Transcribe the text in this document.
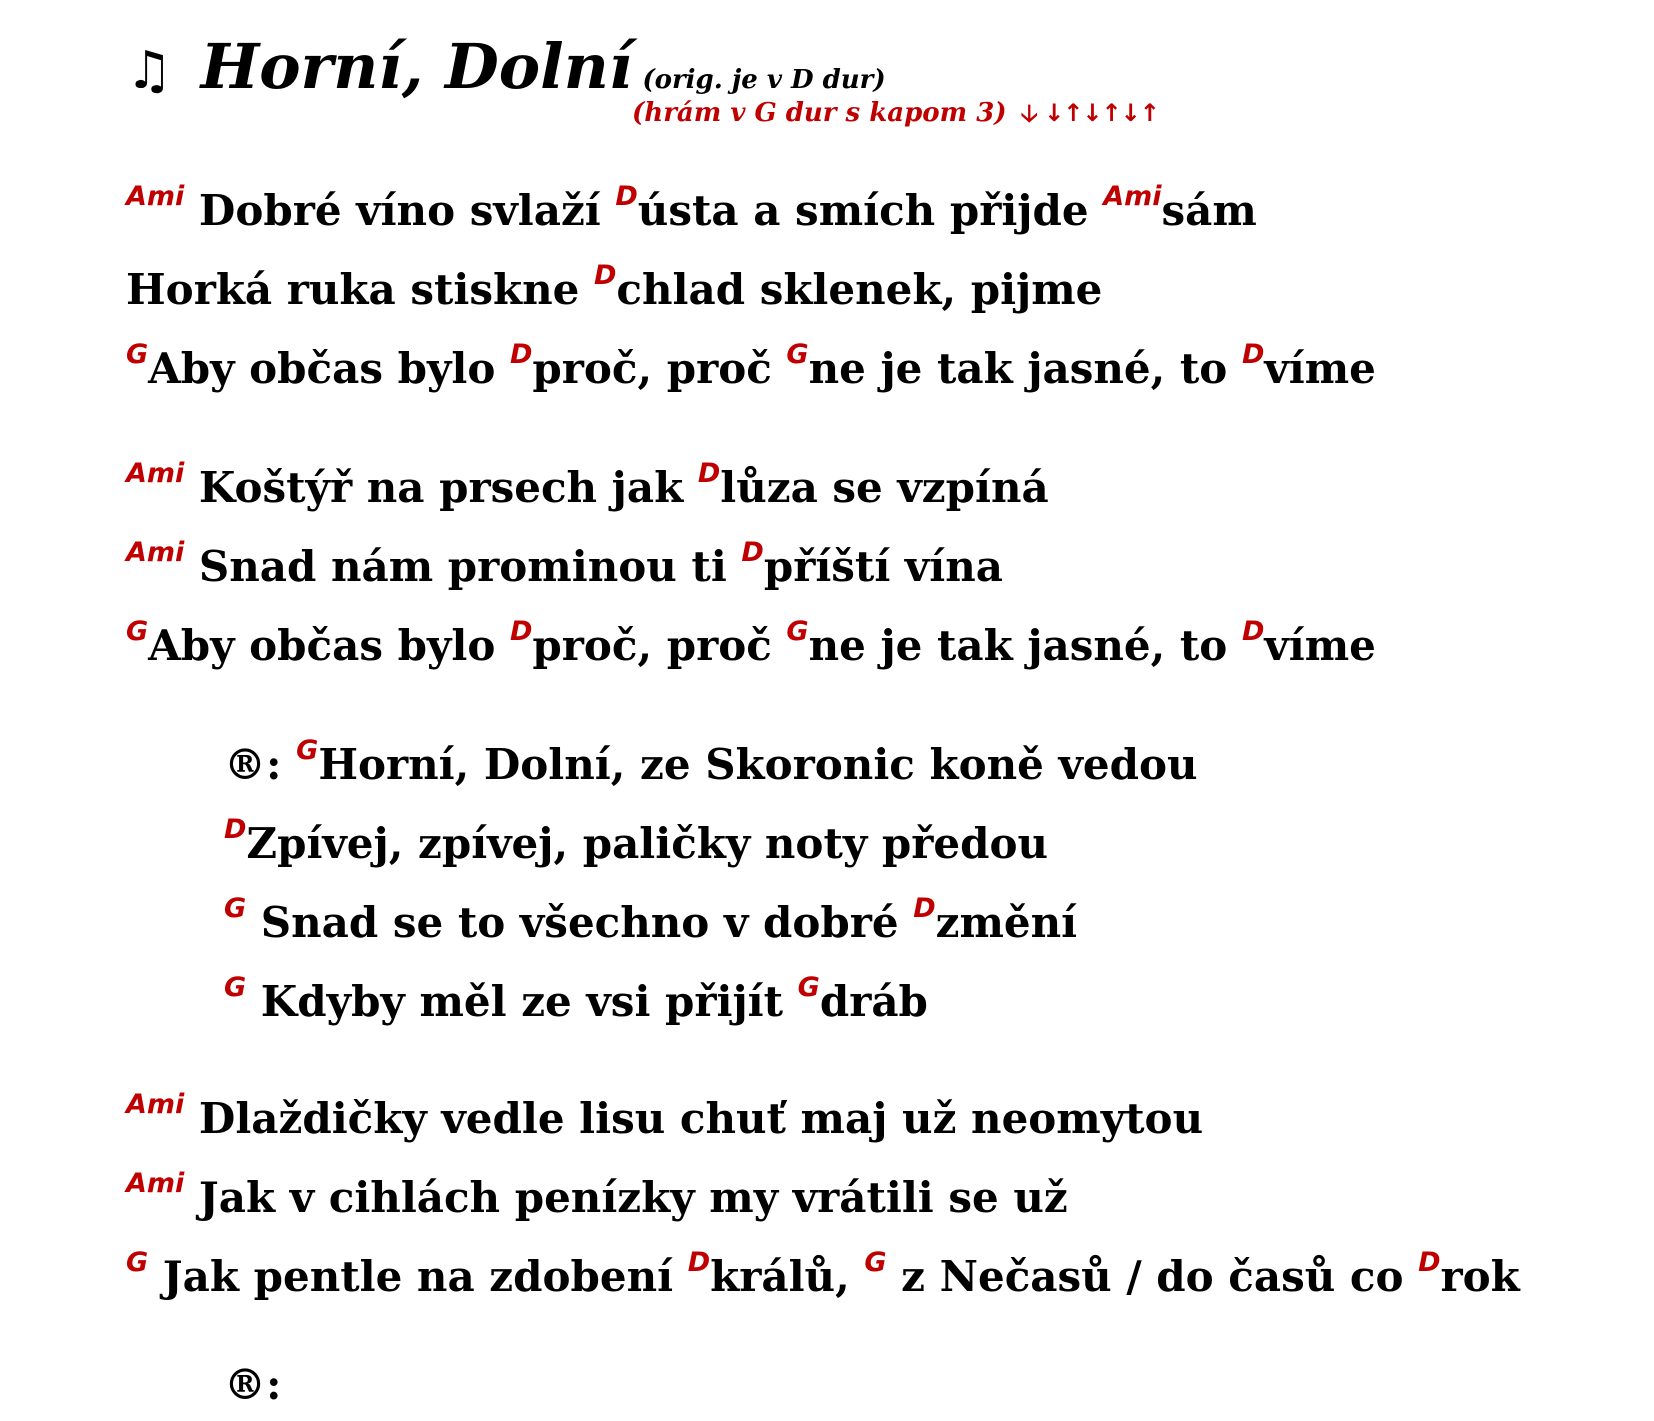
♫ Horní, Dolní (orig. je v D dur)
(hrám v G dur s kapom 3) 🡣 ↓↑↓↑↓↑
$^{Ami}$ Dobré víno svlaží $^D$ústa a smích přijde $^{Ami}$sám
Horká ruka stiskne $^D$chlad sklenek, pijme
$^G$Aby občas bylo $^D$proč, proč $^G$ne je tak jasné, to $^D$víme
$^{Ami}$ Koštýř na prsech jak $^D$lůza se vzpíná
$^{Ami}$ Snad nám prominou ti $^D$příští vína
$^G$Aby občas bylo $^D$proč, proč $^G$ne je tak jasné, to $^D$víme
®: $^G$Horní, Dolní, ze Skoronic koně vedou
$^D$Zpívej, zpívej, paličky noty předou
$^G$ Snad se to všechno v dobré $^D$změní
$^G$ Kdyby měl ze vsi přijít $^G$dráb
$^{Ami}$ Dlaždičky vedle lisu chuť maj už neomytou
$^{Ami}$ Jak v cihlách penízky my vrátili se už
$^G$ Jak pentle na zdobení $^D$králů, $^G$ z Nečasů / do časů co $^D$rok
®:
